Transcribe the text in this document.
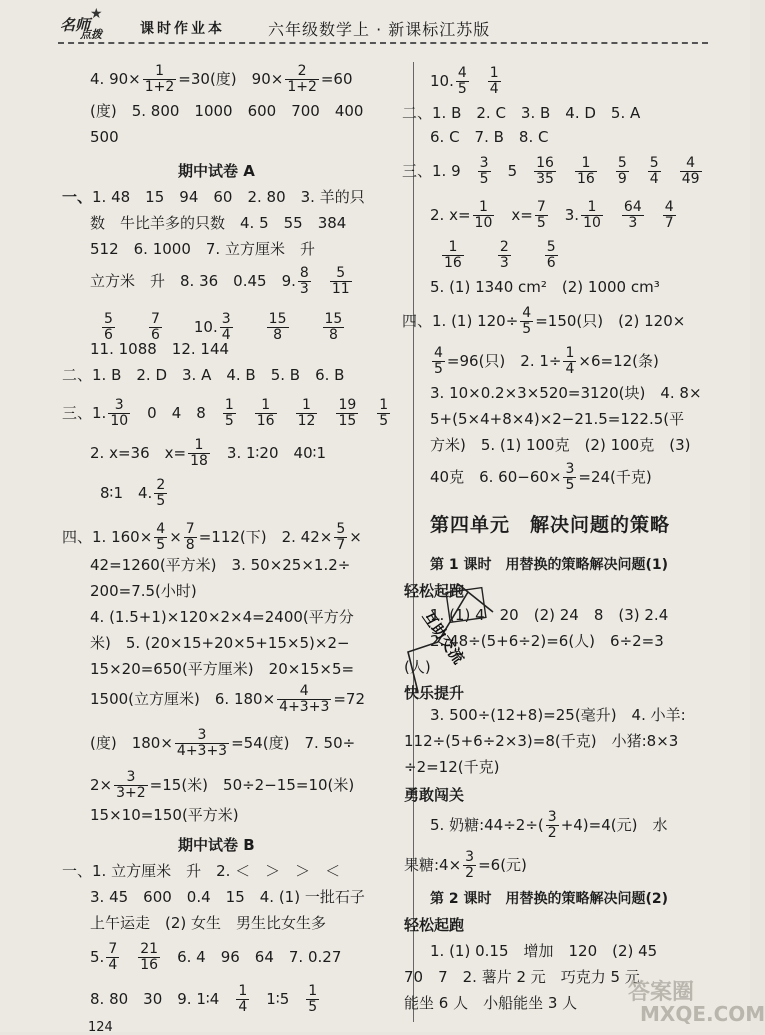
名师
★
点拨	课时作业本	六年级数学上 · 新课标江苏版
4. $90\times \frac{1}{1+2} =30$(度)　$90\times \frac{2}{1+2} =60$
(度)　5. 800　1000　600　700　400
500
期中试卷 A
一、1. 48　15　94　60　2. 80　3. 羊的只
数　牛比羊多的只数　4. 5　55　384
512　6. 1000　7. 立方厘米　升
立方米　升　8. 36　0.45　9. $\frac{8}{3}$
　 $\frac{5}{11}$
$\frac{5}{6}$
　　 $\frac{7}{6}$
　　 10. $\frac{3}{4}$
　　 $\frac{15}{8}$
　　 $\frac{15}{8}$
11. 1088　12. 144
二、1. B　2. D　3. A　4. B　5. B　6. B
三、1. $\frac{3}{10}$
　 0　4　8　 $\frac{1}{5}$
　 $\frac{1}{16}$
　 $\frac{1}{12}$
　 $\frac{19}{15}$
　 $\frac{1}{5}$
2. x=36　$x= \frac{1}{18}$
　 3. 1∶20　40∶1
8∶1　4. $\frac{2}{5}$
四、1. $160\times \frac{4}{5} \times \frac{7}{8} =112$(下)　2. $42\times \frac{5}{7}$ ×
42=1260(平方米)　3. 50×25×1.2÷
200=7.5(小时)
4. (1.5+1)×120×2×4=2400(平方分
米)　5. (20×15+20×5+15×5)×2−
15×20=650(平方厘米)　20×15×5=
1500(立方厘米)　6. $180\times \frac{4}{4+3+3} =72$
(度)　$180\times \frac{3}{4+3+3} =54$(度)　7. 50÷
$2\times \frac{3}{3+2} =15$(米)　50÷2−15=10(米)
15×10=150(平方米)
期中试卷 B
一、1. 立方厘米　升　2. ＜　＞　＞　＜
3. 45　600　0.4　15　4. (1) 一批石子
上午运走　(2) 女生　男生比女生多
5. $\frac{7}{4}$
　 $\frac{21}{16}$
　 6. 4　96　64　7. 0.27
8. 80　30　9. 1∶4　 $\frac{1}{4}$
　 1∶5　 $\frac{1}{5}$
124
10. $\frac{4}{5}$
　 $\frac{1}{4}$
二、1. B　2. C　3. B　4. D　5. A
6. C　7. B　8. C
三、1. 9　 $\frac{3}{5}$
　 5　 $\frac{16}{35}$
　 $\frac{1}{16}$
　 $\frac{5}{9}$
　 $\frac{5}{4}$
　 $\frac{4}{49}$
2. $x= \frac{1}{10}$
　 $x= \frac{7}{5}$
　 3. $\frac{1}{10}$
　 $\frac{64}{3}$
　 $\frac{4}{7}$
$\frac{1}{16}$
　　 $\frac{2}{3}$
　　 $\frac{5}{6}$
5. (1) 1340 cm²　(2) 1000 cm³
四、1. (1) $120\div \frac{4}{5} =150$(只)　(2) 120×
$\frac{4}{5} =96$(只)　2. $1\div \frac{1}{4} \times 6=12$(条)
3. 10×0.2×3×520=3120(块)　4. 8×
5+(5×4+8×4)×2−21.5=122.5(平
方米)　5. (1) 100克　(2) 100克　(3)
40克　6. $60-60\times \frac{3}{5} =24$(千克)
第四单元　解决问题的策略
第 1 课时　用替换的策略解决问题(1)
轻松起跑
1. (1) 4　20　(2) 24　8　(3) 2.4
2. 48÷(5+6÷2)=6(人)　6÷2=3
(人)
快乐提升
3. 500÷(12+8)=25(毫升)　4. 小羊:
112÷(5+6÷2×3)=8(千克)　小猪:8×3
÷2=12(千克)
勇敢闯关
5. 奶糖:44÷2÷( $\frac{3}{2} +4)=4$(元)　水
果糖:4× $\frac{3}{2} =6$(元)
第 2 课时　用替换的策略解决问题(2)
轻松起跑
1. (1) 0.15　增加　120　(2) 45　
70　7　2. 薯片 2 元　巧克力 5 元
能坐 6 人　小船能坐 3 人
互助交流
答案圈
MXQE.COM
